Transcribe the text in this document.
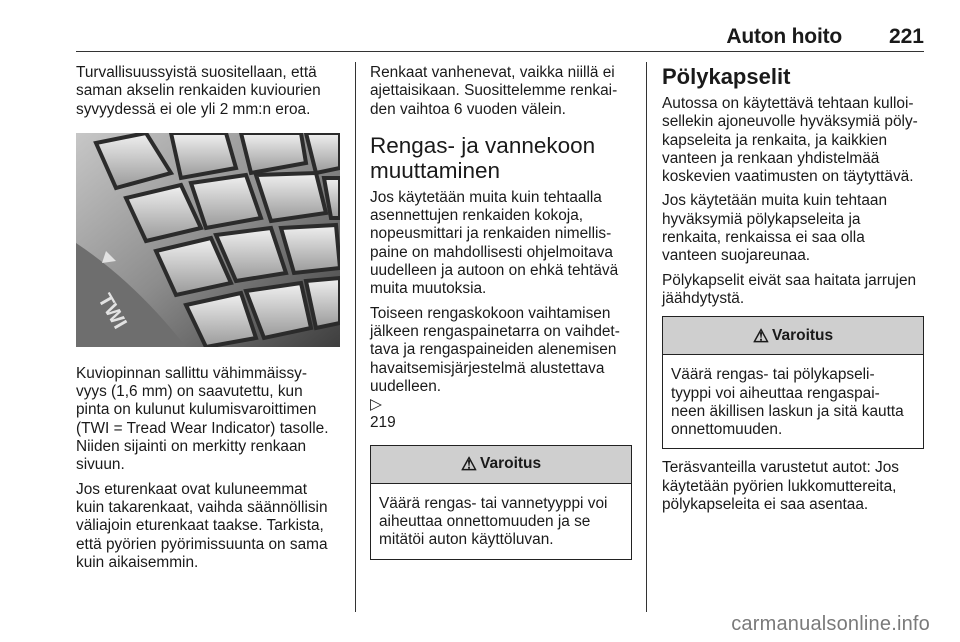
Auton hoito 221

Turvallisuussyistä suositellaan, että
saman akselin renkaiden kuviourien
syvyydessä ei ole yli 2 mm:n eroa.

TWI

Kuviopinnan sallittu vähimmäissy-
vyys (1,6 mm) on saavutettu, kun
pinta on kulunut kulumisvaroittimen
(TWI = Tread Wear Indicator) tasolle.
Niiden sijainti on merkitty renkaan
sivuun.

Jos eturenkaat ovat kuluneemmat
kuin takarenkaat, vaihda säännöllisin
väliajoin eturenkaat taakse. Tarkista,
että pyörien pyörimissuunta on sama
kuin aikaisemmin.

Renkaat vanhenevat, vaikka niillä ei
ajettaisikaan. Suosittelemme renkai-
den vaihtoa 6 vuoden välein.

Rengas- ja vannekoon
muuttaminen

Jos käytetään muita kuin tehtaalla
asennettujen renkaiden kokoja,
nopeusmittari ja renkaiden nimellis-
paine on mahdollisesti ohjelmoitava
uudelleen ja autoon on ehkä tehtävä
muita muutoksia.

Toiseen rengaskokoon vaihtamisen
jälkeen rengaspainetarra on vaihdet-
tava ja rengaspaineiden alenemisen
havaitsemisjärjestelmä alustettava
uudelleen.
▷
219

⚠ Varoitus
Väärä rengas- tai vannetyyppi voi
aiheuttaa onnettomuuden ja se
mitätöi auton käyttöluvan.
Pölykapselit

Autossa on käytettävä tehtaan kulloi-
sellekin ajoneuvolle hyväksymiä pöly-
kapseleita ja renkaita, ja kaikkien
vanteen ja renkaan yhdistelmää
koskevien vaatimusten on täytyttävä.

Jos käytetään muita kuin tehtaan
hyväksymiä pölykapseleita ja
renkaita, renkaissa ei saa olla
vanteen suojareunaa.

Pölykapselit eivät saa haitata jarrujen
jäähdytystä.

⚠ Varoitus
Väärä rengas- tai pölykapseli-
tyyppi voi aiheuttaa rengaspai-
neen äkillisen laskun ja sitä kautta
onnettomuuden.

Teräsvanteilla varustetut autot: Jos
käytetään pyörien lukkomuttereita,
pölykapseleita ei saa asentaa.

carmanualsonline.info
